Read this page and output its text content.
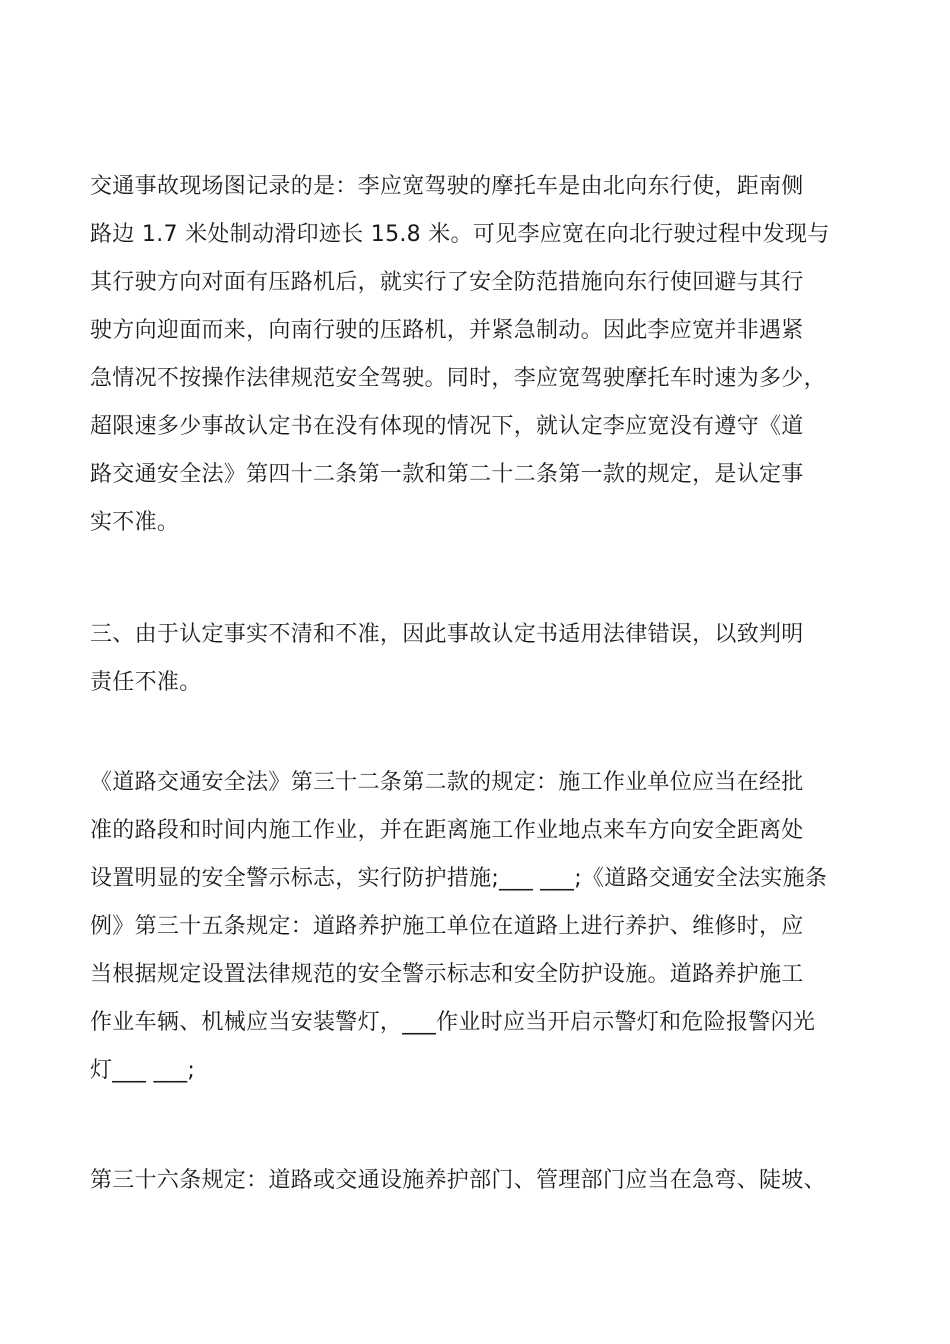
交通事故现场图记录的是：李应宽驾驶的摩托车是由北向东行使，距南侧
路边 1.7 米处制动滑印迹长 15.8 米。可见李应宽在向北行驶过程中发现与
其行驶方向对面有压路机后，就实行了安全防范措施向东行使回避与其行
驶方向迎面而来，向南行驶的压路机，并紧急制动。因此李应宽并非遇紧
急情况不按操作法律规范安全驾驶。同时，李应宽驾驶摩托车时速为多少，
超限速多少事故认定书在没有体现的情况下，就认定李应宽没有遵守《道
路交通安全法》第四十二条第一款和第二十二条第一款的规定，是认定事
实不准。
三、由于认定事实不清和不准，因此事故认定书适用法律错误，以致判明
责任不准。
《道路交通安全法》第三十二条第二款的规定：施工作业单位应当在经批
准的路段和时间内施工作业，并在距离施工作业地点来车方向安全距离处
设置明显的安全警示标志，实行防护措施;___ ___;《道路交通安全法实施条
例》第三十五条规定：道路养护施工单位在道路上进行养护、维修时，应
当根据规定设置法律规范的安全警示标志和安全防护设施。道路养护施工
作业车辆、机械应当安装警灯，___作业时应当开启示警灯和危险报警闪光
灯___ ___;
第三十六条规定：道路或交通设施养护部门、管理部门应当在急弯、陡坡、
